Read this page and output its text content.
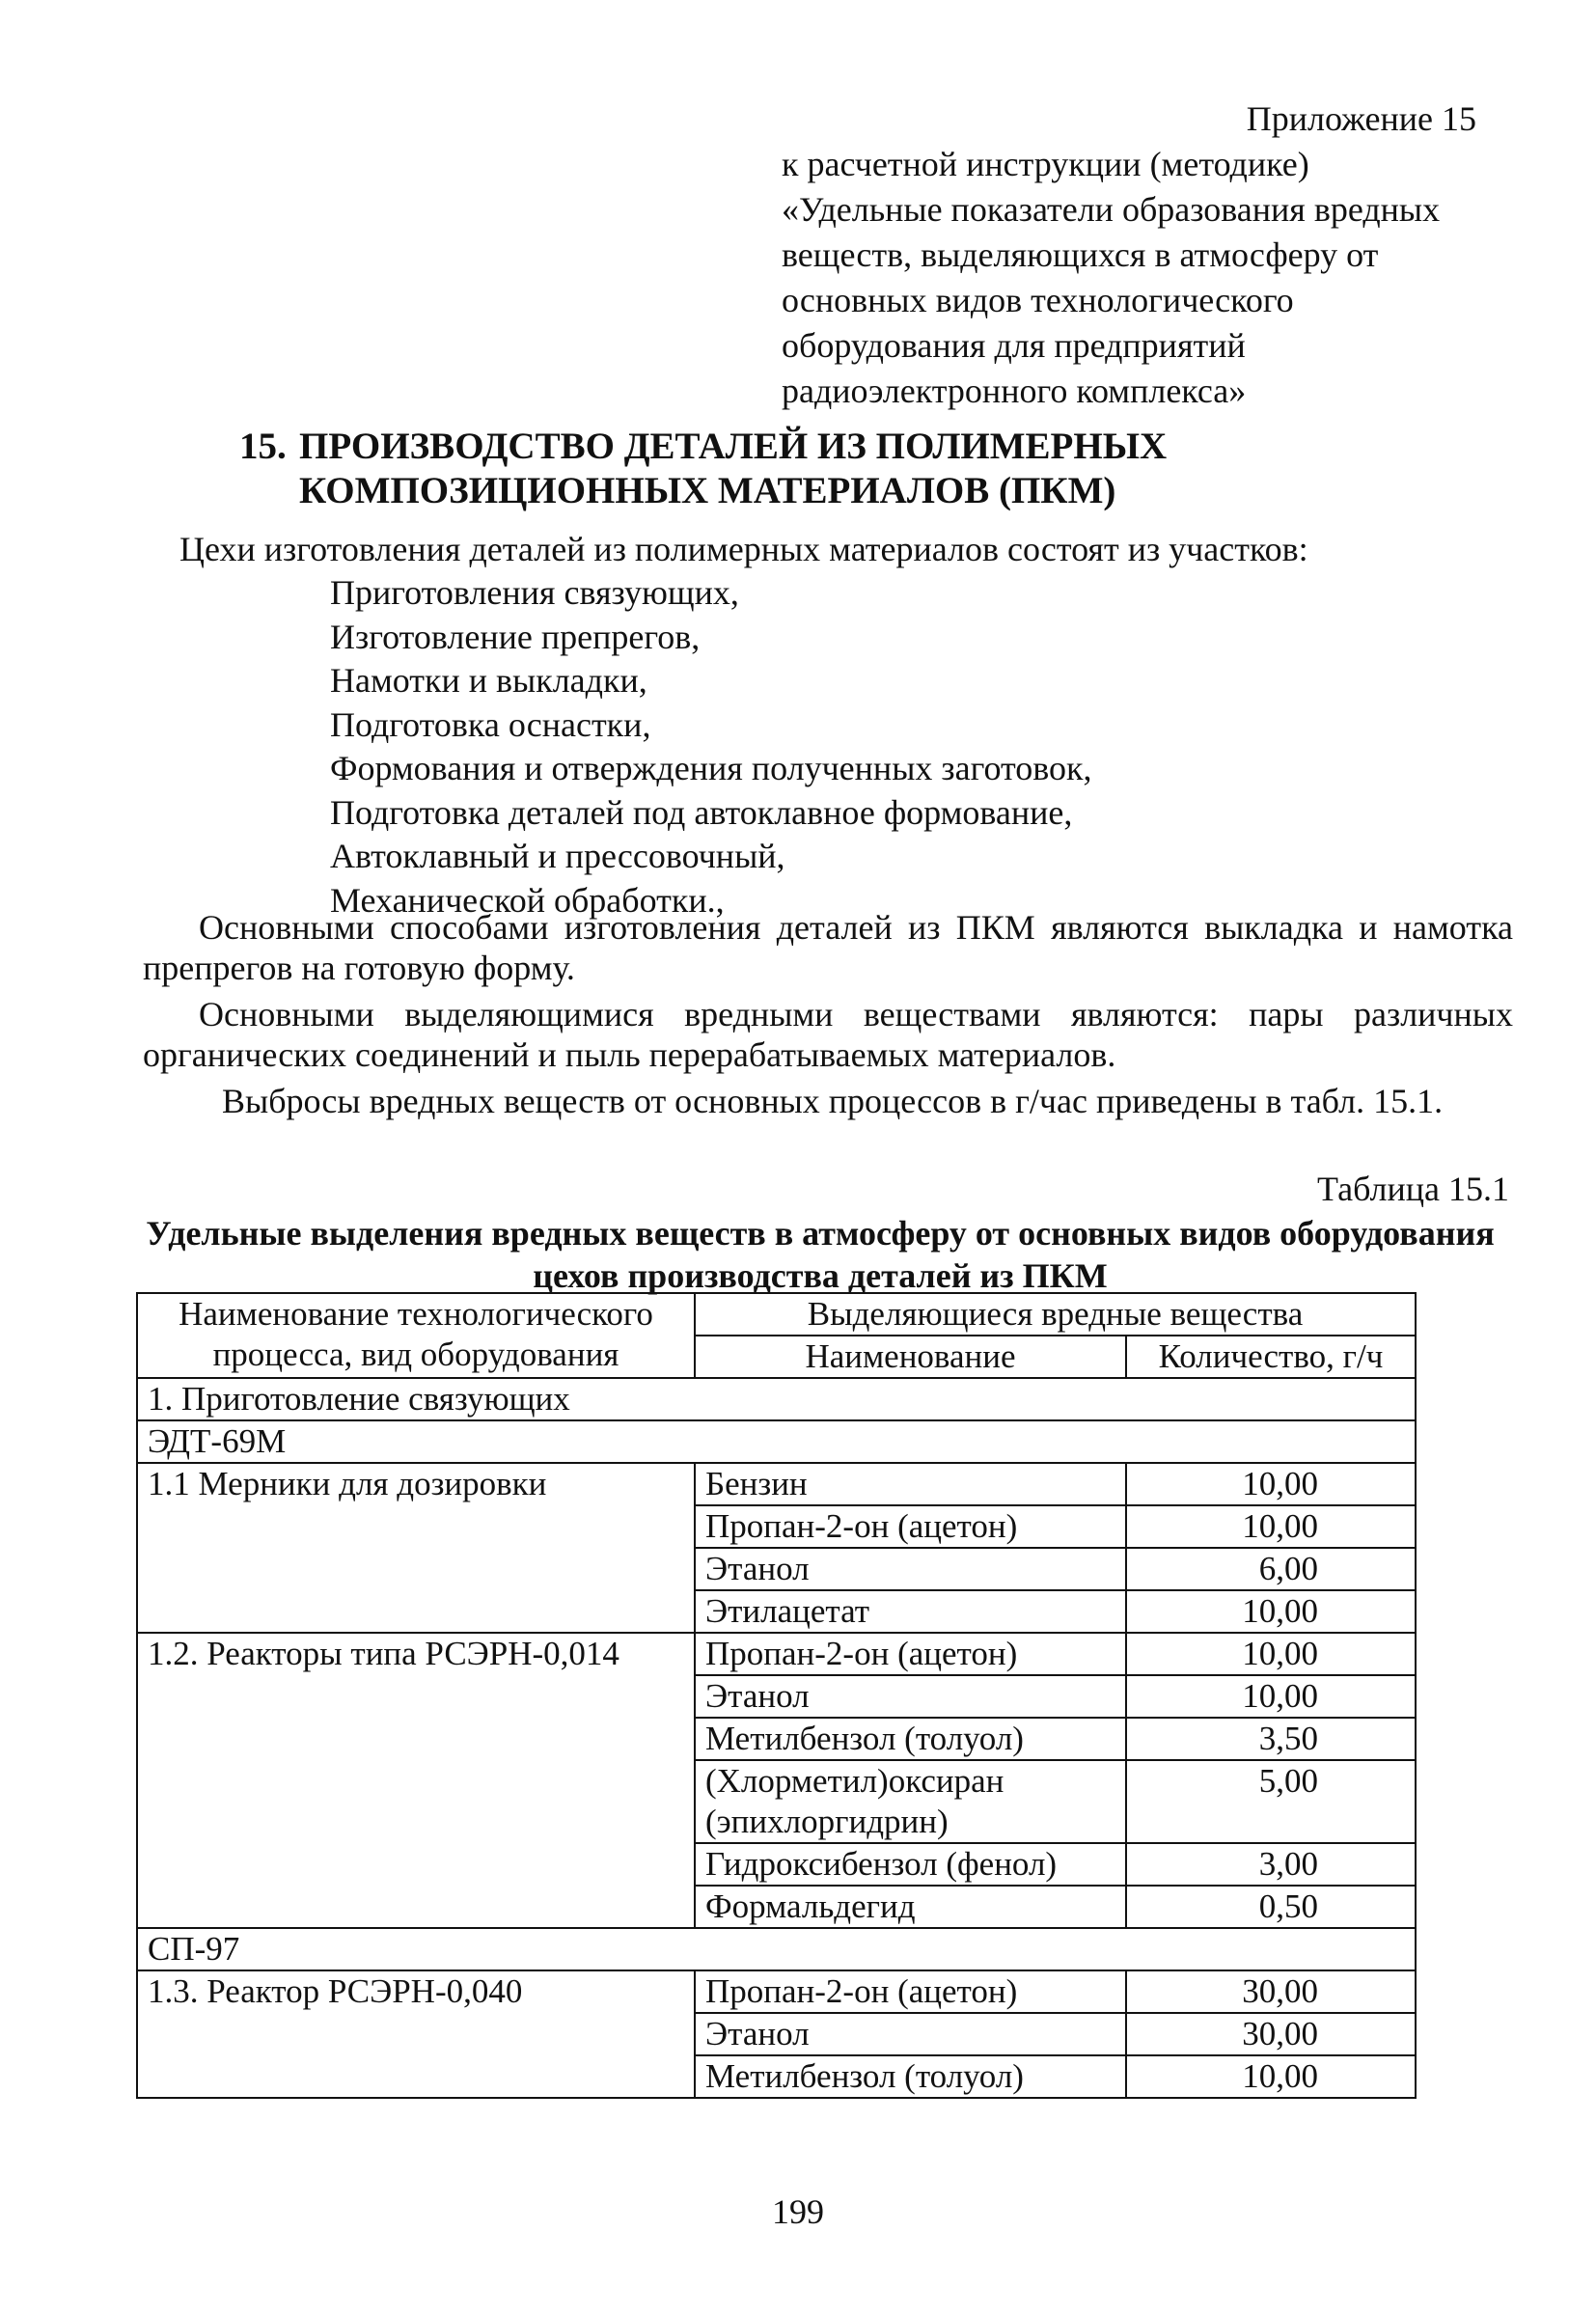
Приложение 15
к расчетной инструкции (методике) «Удельные показатели образования вредных веществ, выделяющихся в атмосферу от основных видов технологического оборудования для предприятий радиоэлектронного комплекса»
15. ПРОИЗВОДСТВО ДЕТАЛЕЙ ИЗ ПОЛИМЕРНЫХ КОМПОЗИЦИОННЫХ МАТЕРИАЛОВ (ПКМ)
Цехи изготовления деталей из полимерных материалов состоят из участков:
Приготовления связующих,
Изготовление препрегов,
Намотки и выкладки,
Подготовка оснастки,
Формования и отверждения полученных заготовок,
Подготовка деталей под автоклавное формование,
Автоклавный и прессовочный,
Механической обработки.,
Основными способами изготовления деталей из ПКМ являются выкладка и намотка препрегов на готовую форму.
Основными выделяющимися вредными веществами являются: пары различных органических соединений и пыль перерабатываемых материалов.
Выбросы вредных веществ от основных процессов в г/час приведены в табл. 15.1.
Таблица 15.1
Удельные выделения вредных веществ в атмосферу от основных видов оборудования цехов производства деталей из ПКМ
Наименование технологического процесса, вид оборудования	Выделяющиеся вредные вещества	
	Наименование	Количество, г/ч
1. Приготовление связующих		
ЭДТ-69М		
1.1 Мерники для дозировки	Бензин	10,00
	Пропан-2-он (ацетон)	10,00
	Этанол	6,00
	Этилацетат	10,00
1.2. Реакторы типа РСЭРН-0,014	Пропан-2-он (ацетон)	10,00
	Этанол	10,00
	Метилбензол (толуол)	3,50
	(Хлорметил)оксиран (эпихлоргидрин)	5,00
	Гидроксибензол (фенол)	3,00
	Формальдегид	0,50
СП-97		
1.3. Реактор РСЭРН-0,040	Пропан-2-он (ацетон)	30,00
	Этанол	30,00
	Метилбензол (толуол)	10,00
199
